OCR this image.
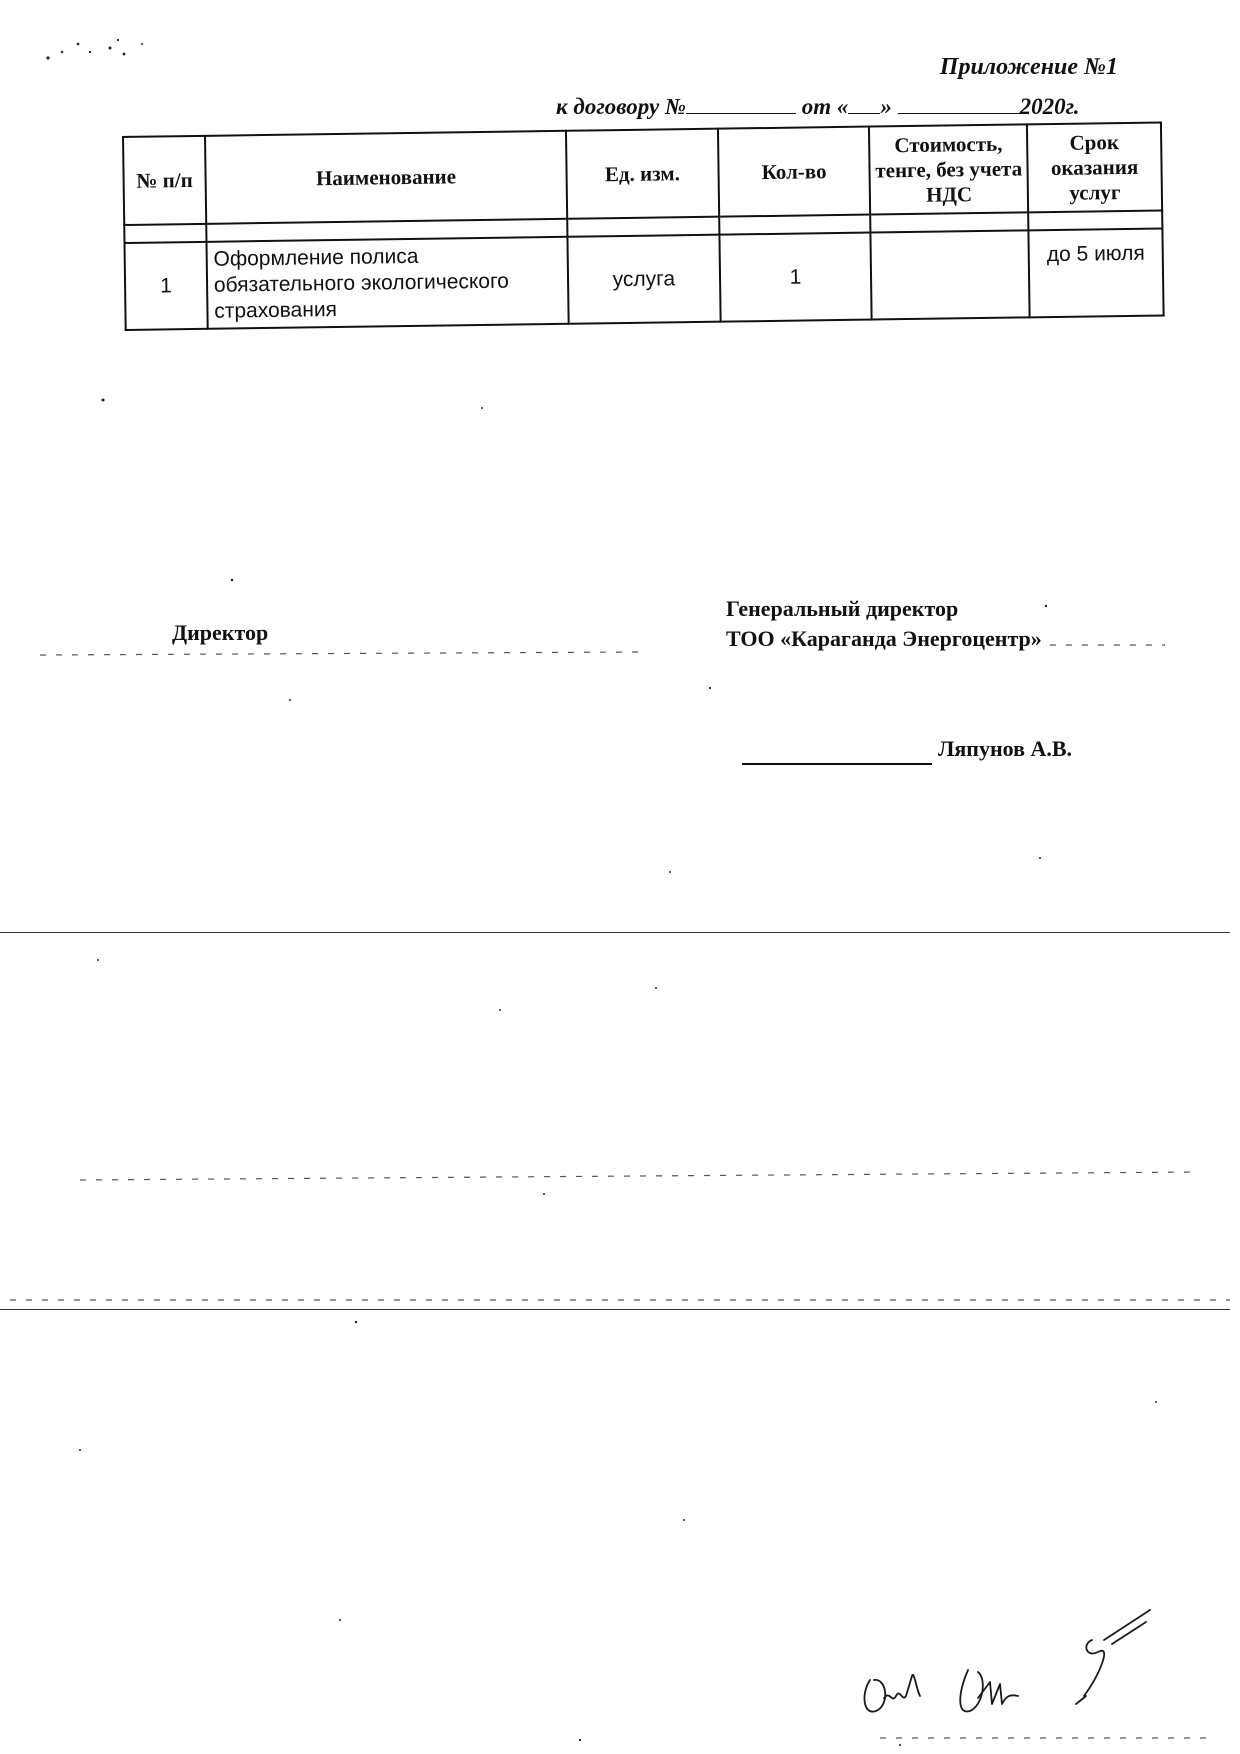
Приложение №1
к договору №	от « »	2020г.
№ п/п	Наименование	Ед. изм.	Кол-во	Стоимость, тенге, без учета НДС	Срок оказания услуг

1	Оформление полиса обязательного экологического страхования	услуга	1		до 5 июля
Директор
Генеральный директор
ТОО «Караганда Энергоцентр»
Ляпунов А.В.
